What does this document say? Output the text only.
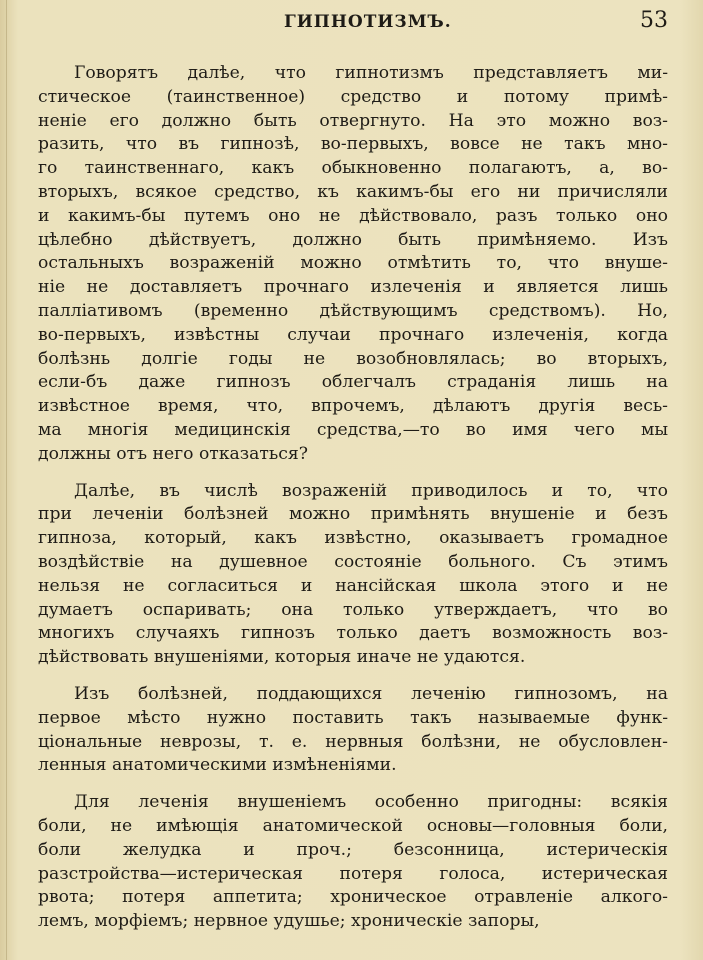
ГИПНОТИЗМЪ.	53
Говорятъ далѣе, что гипнотизмъ представляетъ ми-
стическое (таинственное) средство и потому примѣ-
неніе его должно быть отвергнуто. На это можно воз-
разить, что въ гипнозѣ, во-первыхъ, вовсе не такъ мно-
го таинственнаго, какъ обыкновенно полагаютъ, а, во-
вторыхъ, всякое средство, къ какимъ-бы его ни причисляли
и какимъ-бы путемъ оно не дѣйствовало, разъ только оно
цѣлебно дѣйствуетъ, должно быть примѣняемо. Изъ
остальныхъ возраженій можно отмѣтить то, что внуше-
ніе не доставляетъ прочнаго излеченія и является лишь
палліативомъ (временно дѣйствующимъ средствомъ). Но,
во-первыхъ, извѣстны случаи прочнаго излеченія, когда
болѣзнь долгіе годы не возобновлялась; во вторыхъ,
если-бъ даже гипнозъ облегчалъ страданія лишь на
извѣстное время, что, впрочемъ, дѣлаютъ другія весь-
ма многія медицинскія средства,—то во имя чего мы
должны отъ него отказаться?
Далѣе, въ числѣ возраженій приводилось и то, что
при леченіи болѣзней можно примѣнять внушеніе и безъ
гипноза, который, какъ извѣстно, оказываетъ громадное
воздѣйствіе на душевное состояніе больного. Съ этимъ
нельзя не согласиться и нансійская школа этого и не
думаетъ оспаривать; она только утверждаетъ, что во
многихъ случаяхъ гипнозъ только даетъ возможность воз-
дѣйствовать внушеніями, которыя иначе не удаются.
Изъ болѣзней, поддающихся леченію гипнозомъ, на
первое мѣсто нужно поставить такъ называемые функ-
ціональные неврозы, т. е. нервныя болѣзни, не обусловлен-
ленныя анатомическими измѣненіями.
Для леченія внушеніемъ особенно пригодны: всякія
боли, не имѣющія анатомической основы—головныя боли,
боли желудка и проч.; безсонница, истерическія
разстройства—истерическая потеря голоса, истерическая
рвота; потеря аппетита; хроническое отравленіе алкого-
лемъ, морфіемъ; нервное удушье; хроническіе запоры,
